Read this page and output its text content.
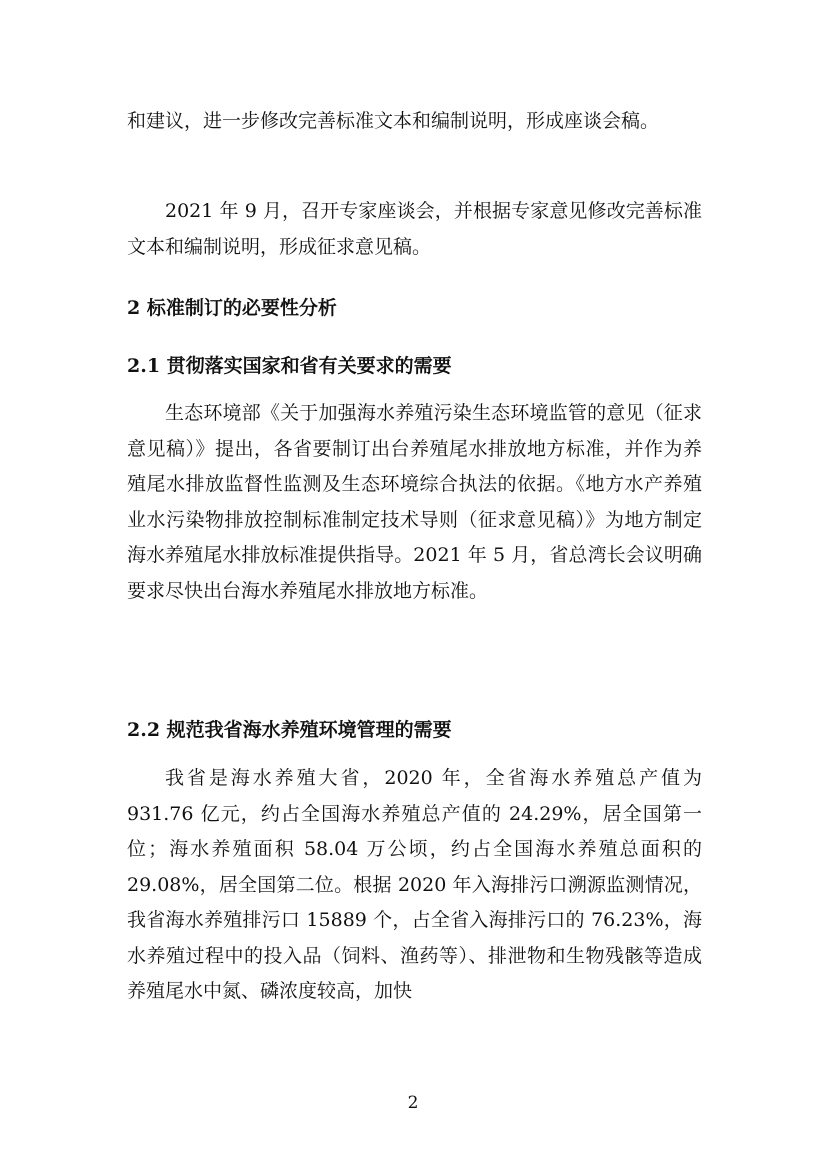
和建议，进一步修改完善标准文本和编制说明，形成座谈会稿。

2021 年 9 月，召开专家座谈会，并根据专家意见修改完善标准文本和编制说明，形成征求意见稿。

2 标准制订的必要性分析
2.1 贯彻落实国家和省有关要求的需要

生态环境部《关于加强海水养殖污染生态环境监管的意见（征求意见稿）》提出，各省要制订出台养殖尾水排放地方标准，并作为养殖尾水排放监督性监测及生态环境综合执法的依据。《地方水产养殖业水污染物排放控制标准制定技术导则（征求意见稿）》为地方制定海水养殖尾水排放标准提供指导。2021 年 5 月，省总湾长会议明确要求尽快出台海水养殖尾水排放地方标准。

2.2 规范我省海水养殖环境管理的需要

我省是海水养殖大省，2020 年，全省海水养殖总产值为 931.76 亿元，约占全国海水养殖总产值的 24.29%，居全国第一位；海水养殖面积 58.04 万公顷，约占全国海水养殖总面积的 29.08%，居全国第二位。根据 2020 年入海排污口溯源监测情况，我省海水养殖排污口 15889 个，占全省入海排污口的 76.23%，海水养殖过程中的投入品（饲料、渔药等）、排泄物和生物残骸等造成养殖尾水中氮、磷浓度较高，加快

2
